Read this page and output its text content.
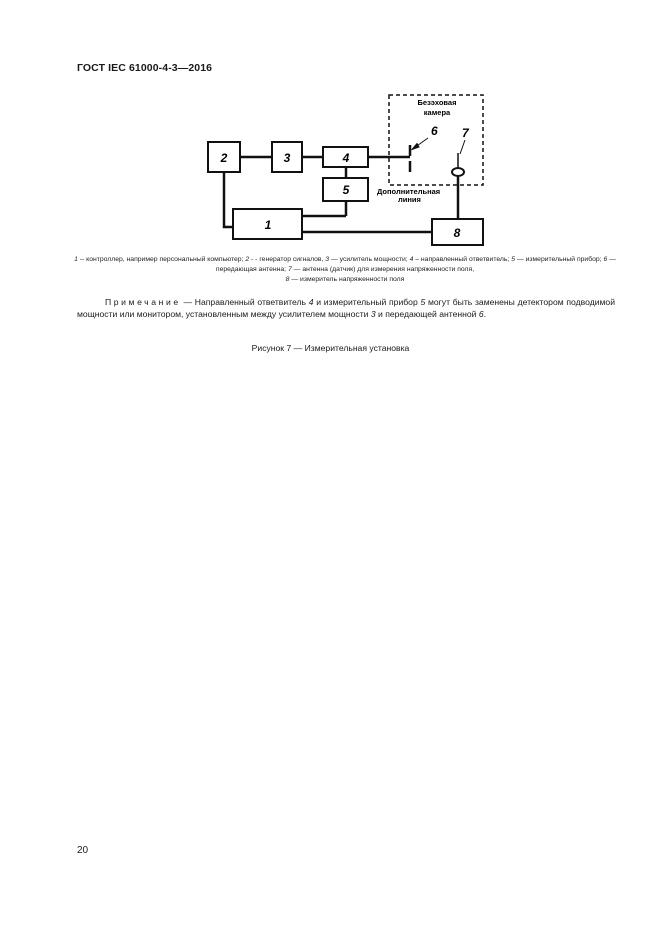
ГОСТ IEC 61000-4-3—2016
Безэховая
камера
2	3	4
5
1
8
6 7
Дополнительная
линия
1 -- контроллер, например персональный компьютер; 2 - - генератор сигналов, 3 — усилитель мощности; 4 – направленный ответвитель; 5 — измерительный прибор; 6 — передающая антенна; 7 — антенна (датчик) для измерения напряженности поля,
8 — измеритель напряженности поля
Примечание — Направленный ответвитель 4 и измерительный прибор 5 могут быть заменены детектором подводимой мощности или монитором, установленным между усилителем мощности 3 и передающей антенной 6.
Рисунок 7 — Измерительная установка
20
